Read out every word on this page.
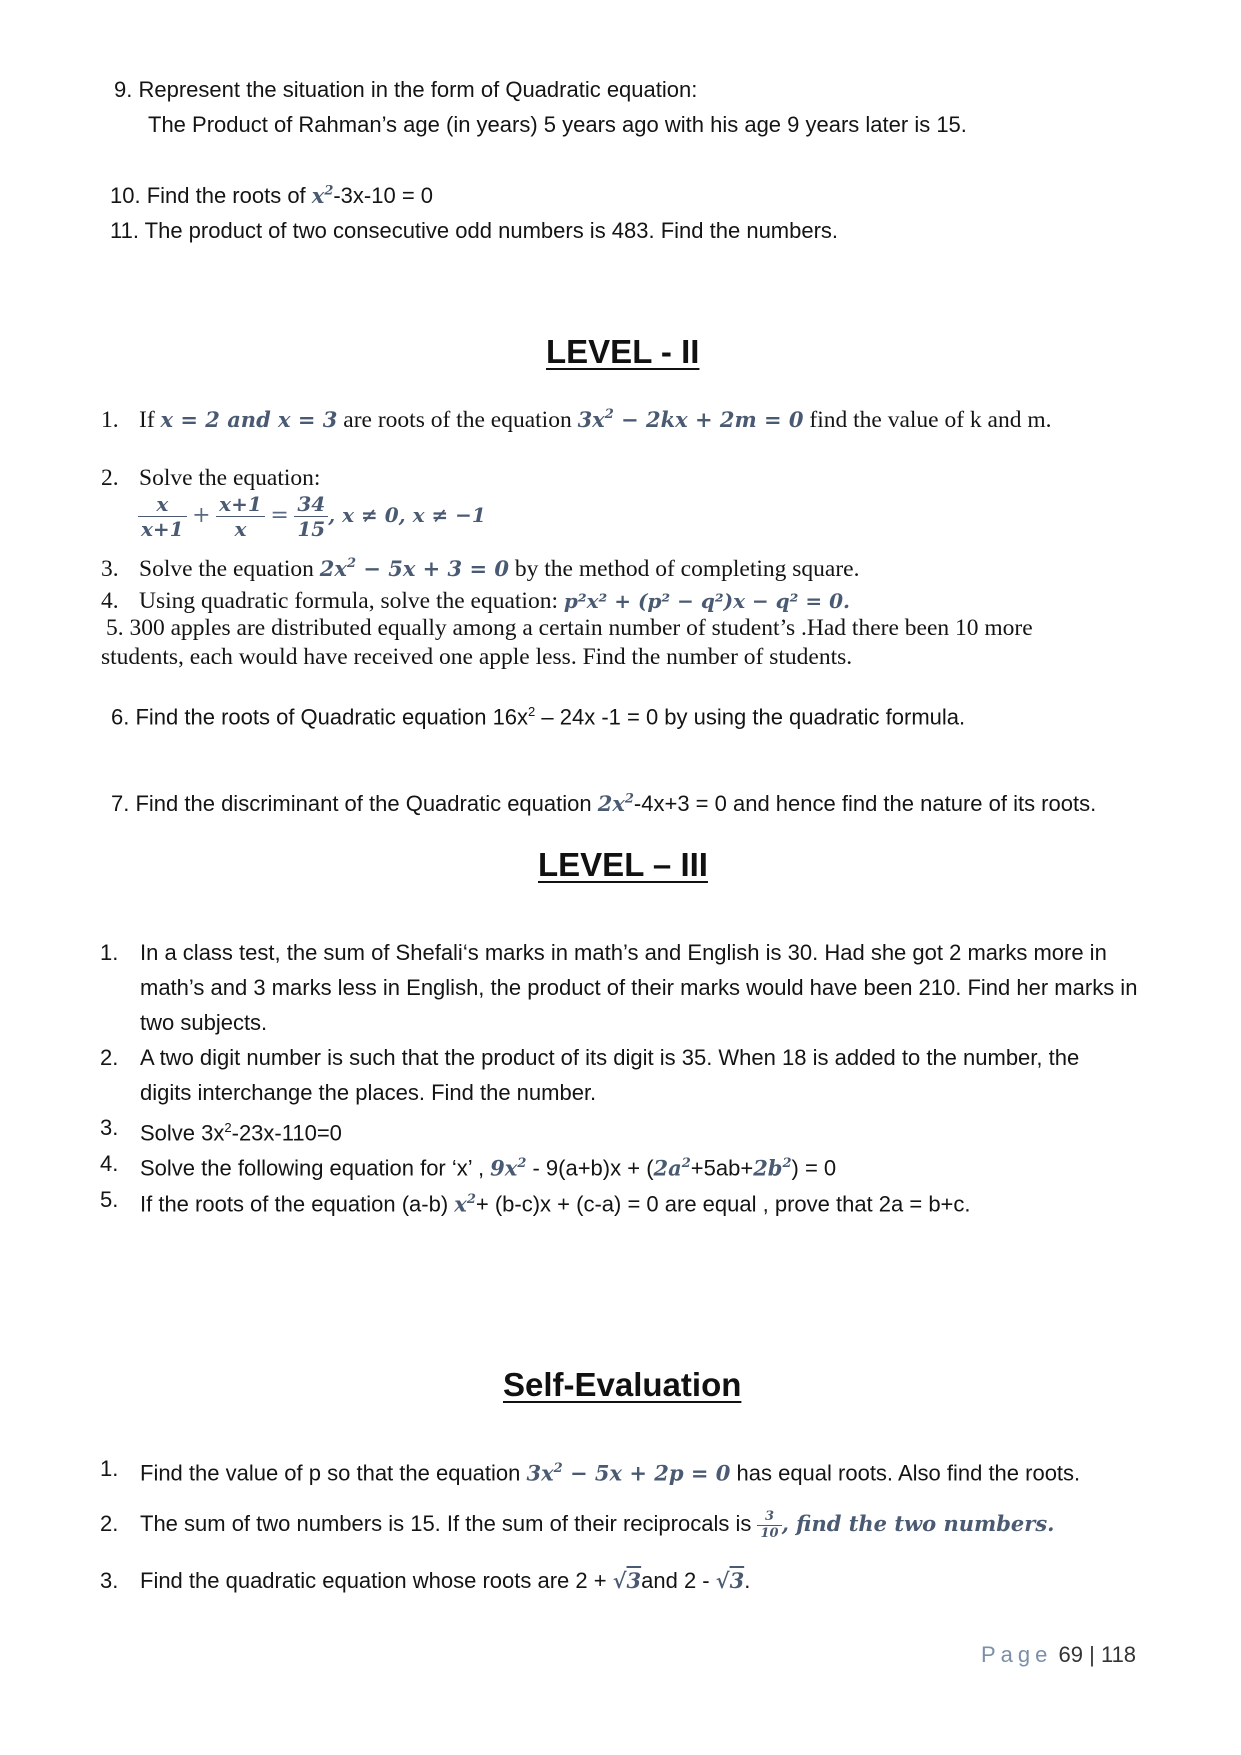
9. Represent the situation in the form of Quadratic equation:
The Product of Rahman’s age (in years) 5 years ago with his age 9 years later is 15.
10. Find the roots of $x^2-3x-10 = 0$
11. The product of two consecutive odd numbers is 483. Find the numbers.
LEVEL - II
1. If x = 2 and x = 3 are roots of the equation $3x^2 - 2kx + 2m = 0$ find the value of k and m.
2. Solve the equation:
$\frac{x}{x+1} + \frac{x+1}{x} = \frac{34}{15}$ , x ≠ 0, x ≠ −1
3. Solve the equation $2x^2 - 5x + 3 = 0$ by the method of completing square.
4. Using quadratic formula, solve the equation: p²x² + (p² − q²)x − q² = 0.
5. 300 apples are distributed equally among a certain number of student’s .Had there been 10 more
students, each would have received one apple less. Find the number of students.
6. Find the roots of Quadratic equation $16x^2 - 24x$ -1 = 0 by using the quadratic formula.
7. Find the discriminant of the Quadratic equation $2x^2-4x+3 = 0$ and hence find the nature of its roots.
LEVEL – III
1. In a class test, the sum of Shefali‘s marks in math’s and English is 30. Had she got 2 marks more in
math’s and 3 marks less in English, the product of their marks would have been 210. Find her marks in
two subjects.
2. A two digit number is such that the product of its digit is 35. When 18 is added to the number, the
digits interchange the places. Find the number.
3. Solve $3x^2-23x-110=0$
4. Solve the following equation for ‘x’ , $9x^2 - 9(a+b)x + (2a^2+5ab+2b^2) = 0$
5. If the roots of the equation (a-b) $x^2+ (b-c)x + (c-a) = 0$ are equal , prove that 2a = b+c.
Self-Evaluation
1. Find the value of p so that the equation $3x^2 - 5x + 2p = 0$ has equal roots. Also find the roots.
2. The sum of two numbers is 15. If the sum of their reciprocals is $\frac{3}{10}$ , find the two numbers.
3. Find the quadratic equation whose roots are 2 + √3and 2 - √3.
Page 69 | 118
